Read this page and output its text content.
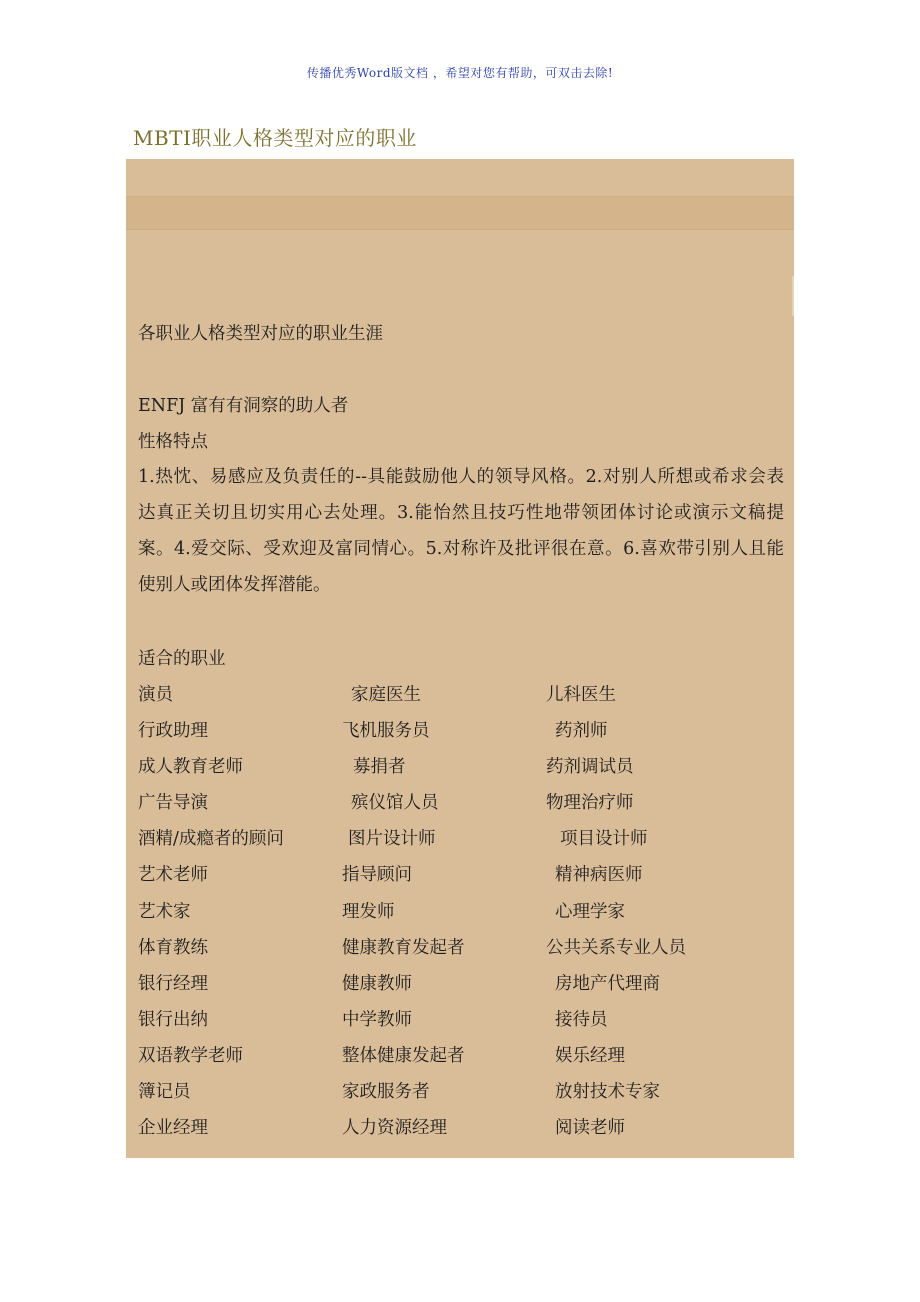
传播优秀Word版文档 ，希望对您有帮助，可双击去除!
MBTI职业人格类型对应的职业
各职业人格类型对应的职业生涯
ENFJ 富有有洞察的助人者
性格特点
1.热忱、易感应及负责任的--具能鼓励他人的领导风格。2.对别人所想或希求会表
达真正关切且切实用心去处理。3.能怡然且技巧性地带领团体讨论或演示文稿提
案。4.爱交际、受欢迎及富同情心。5.对称许及批评很在意。6.喜欢带引别人且能
使别人或团体发挥潜能。
适合的职业
演员	家庭医生	儿科医生
行政助理	飞机服务员	药剂师
成人教育老师	募捐者	药剂调试员
广告导演	殡仪馆人员	物理治疗师
酒精/成瘾者的顾问	图片设计师	项目设计师
艺术老师	指导顾问	精神病医师
艺术家	理发师	心理学家
体育教练	健康教育发起者	公共关系专业人员
银行经理	健康教师	房地产代理商
银行出纳	中学教师	接待员
双语教学老师	整体健康发起者	娱乐经理
簿记员	家政服务者	放射技术专家
企业经理	人力资源经理	阅读老师
